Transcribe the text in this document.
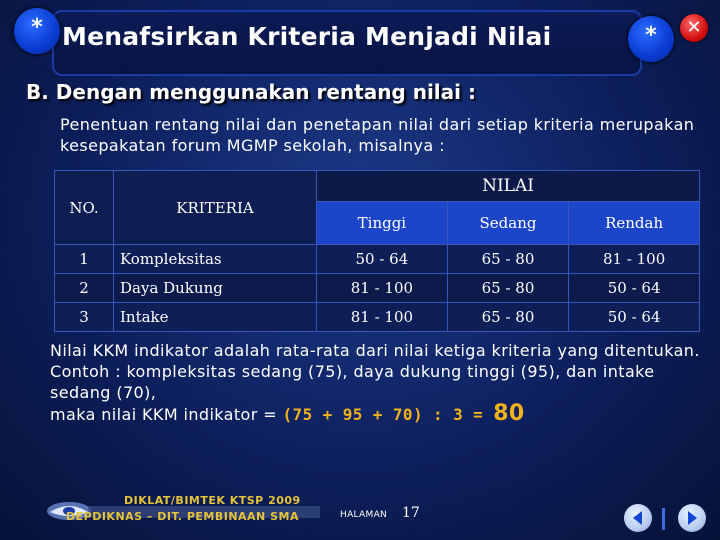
*	*
Menafsirkan Kriteria Menjadi Nilai	✕
B. Dengan menggunakan rentang nilai :
Penentuan rentang nilai dan penetapan nilai dari setiap kriteria merupakan kesepakatan forum MGMP sekolah, misalnya :
NO.	KRITERIA	NILAI		
		Tinggi	Sedang	Rendah
1	Kompleksitas	50 - 64	65 - 80	81 - 100
2	Daya Dukung	81 - 100	65 - 80	50 - 64
3	Intake	81 - 100	65 - 80	50 - 64
Nilai KKM indikator adalah rata-rata dari nilai ketiga kriteria yang ditentukan. Contoh : kompleksitas sedang (75), daya dukung tinggi (95), dan intake sedang (70),
maka nilai KKM indikator = (75 + 95 + 70) : 3 = 80
DIKLAT/BIMTEK KTSP 2009
DEPDIKNAS – DIT. PEMBINAAN SMA	HALAMAN 17
